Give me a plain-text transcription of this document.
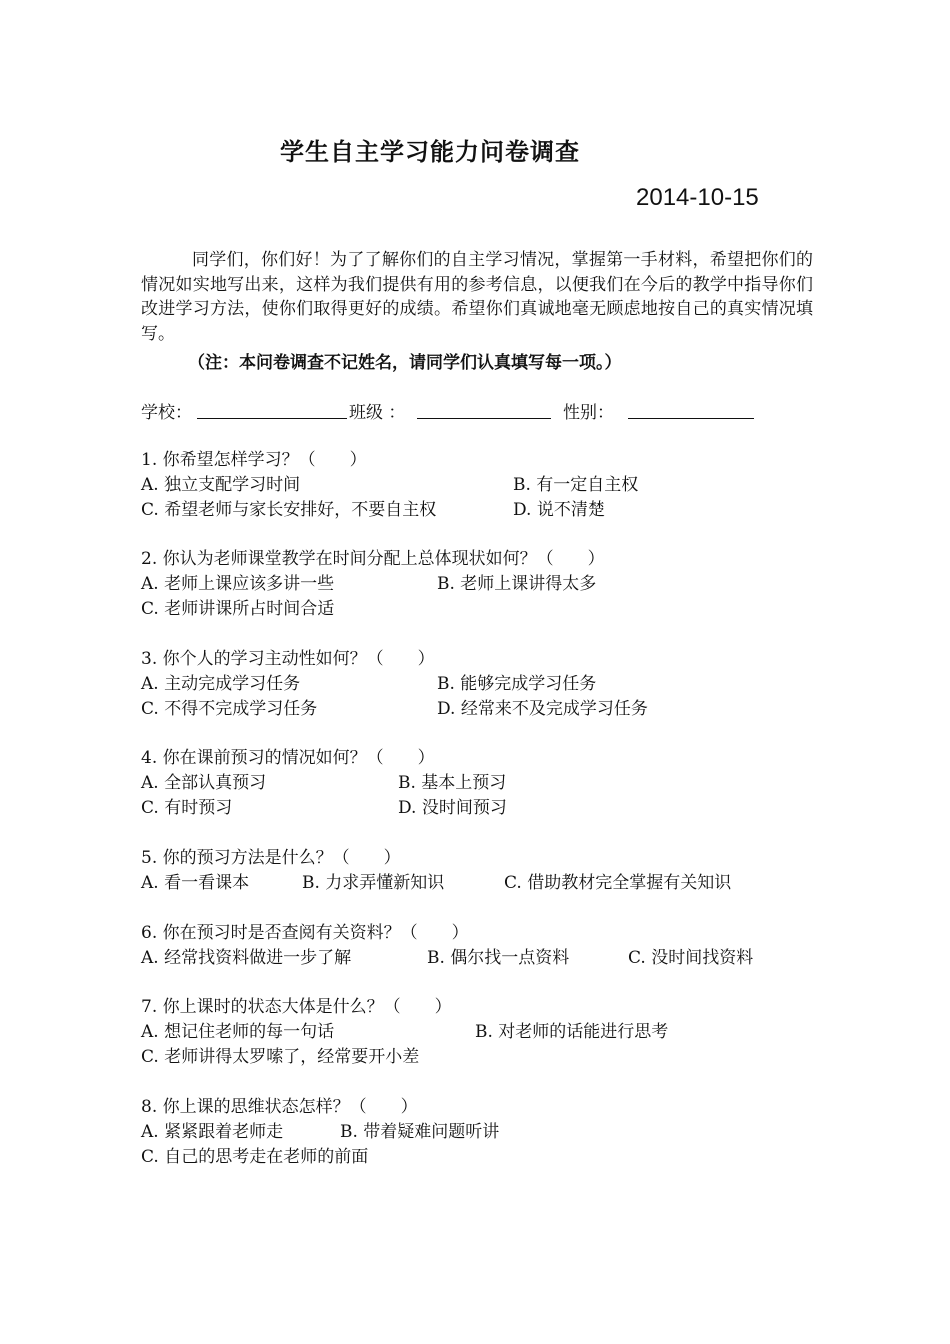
学生自主学习能力问卷调查
2014-10-15
同学们，你们好！为了了解你们的自主学习情况，掌握第一手材料，希望把你们的情况如实地写出来，这样为我们提供有用的参考信息，以便我们在今后的教学中指导你们改进学习方法，使你们取得更好的成绩。希望你们真诚地毫无顾虑地按自己的真实情况填写。
（注：本问卷调查不记姓名，请同学们认真填写每一项。）
学校：	班级 ：	性别：
1. 你希望怎样学习？（　　）
A. 独立支配学习时间	B. 有一定自主权
C. 希望老师与家长安排好，不要自主权	D. 说不清楚
2. 你认为老师课堂教学在时间分配上总体现状如何？（　　）
A. 老师上课应该多讲一些	B. 老师上课讲得太多
C. 老师讲课所占时间合适
3. 你个人的学习主动性如何？（　　）
A. 主动完成学习任务	B. 能够完成学习任务
C. 不得不完成学习任务	D. 经常来不及完成学习任务
4. 你在课前预习的情况如何？（　　）
A. 全部认真预习	B. 基本上预习
C. 有时预习	D. 没时间预习
5. 你的预习方法是什么？（　　）
A. 看一看课本	B. 力求弄懂新知识	C. 借助教材完全掌握有关知识
6. 你在预习时是否查阅有关资料？（　　）
A. 经常找资料做进一步了解	B. 偶尔找一点资料	C. 没时间找资料
7. 你上课时的状态大体是什么？（　　）
A. 想记住老师的每一句话	B. 对老师的话能进行思考
C. 老师讲得太罗嗦了，经常要开小差
8. 你上课的思维状态怎样？（　　）
A. 紧紧跟着老师走	B. 带着疑难问题听讲
C. 自己的思考走在老师的前面
